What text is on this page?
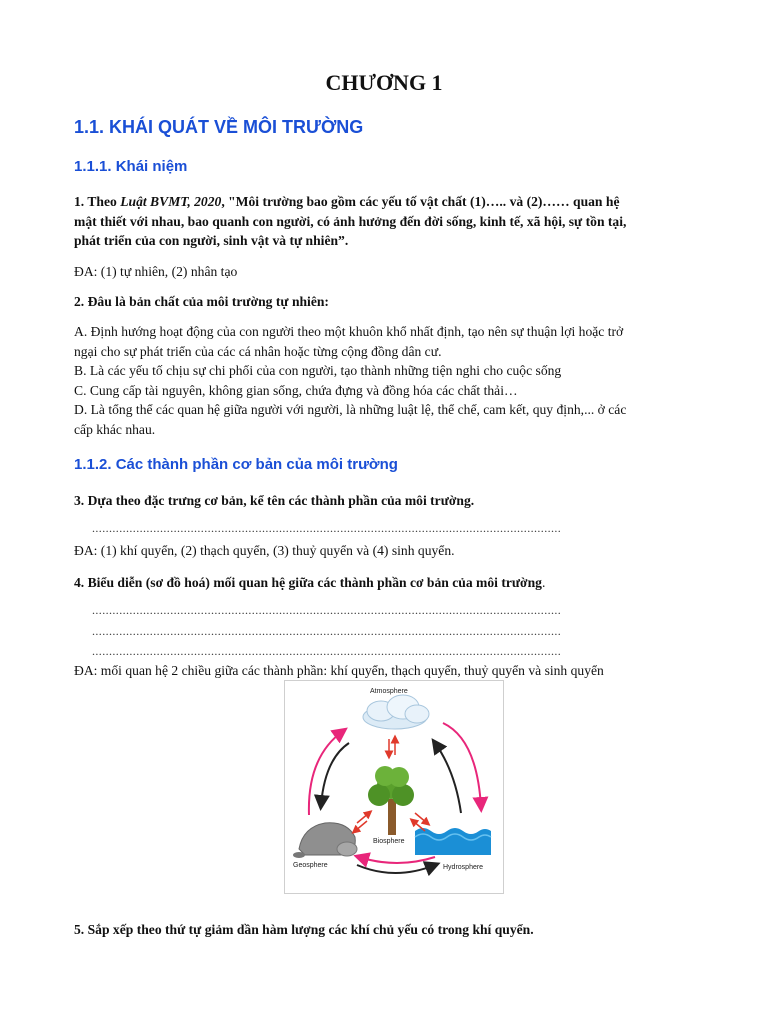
CHƯƠNG 1
1.1. KHÁI QUÁT VỀ MÔI TRƯỜNG
1.1.1. Khái niệm
1. Theo Luật BVMT, 2020, "Môi trường bao gồm các yếu tố vật chất (1)….. và (2)…… quan hệ
mật thiết với nhau, bao quanh con người, có ảnh hưởng đến đời sống, kinh tế, xã hội, sự tồn tại,
phát triển của con người, sinh vật và tự nhiên”.
ĐA: (1) tự nhiên, (2) nhân tạo
2. Đâu là bản chất của môi trường tự nhiên:
A. Định hướng hoạt động của con người theo một khuôn khổ nhất định, tạo nên sự thuận lợi hoặc trở
ngại cho sự phát triển của các cá nhân hoặc từng cộng đồng dân cư.
B. Là các yếu tố chịu sự chi phối của con người, tạo thành những tiện nghi cho cuộc sống
C. Cung cấp tài nguyên, không gian sống, chứa đựng và đồng hóa các chất thải…
D. Là tổng thể các quan hệ giữa người với người, là những luật lệ, thể chế, cam kết, quy định,... ở các
cấp khác nhau.
1.1.2. Các thành phần cơ bản của môi trường
3. Dựa theo đặc trưng cơ bản, kể tên các thành phần của môi trường.
..........................................................................................................................................
ĐA: (1) khí quyển, (2) thạch quyển, (3) thuỷ quyển và (4) sinh quyển.
4. Biểu diễn (sơ đồ hoá) mối quan hệ giữa các thành phần cơ bản của môi trường.
..........................................................................................................................................
..........................................................................................................................................
..........................................................................................................................................
ĐA: mối quan hệ 2 chiều giữa các thành phần: khí quyển, thạch quyển, thuỷ quyển và sinh quyển
Atmosphere
Biosphere
Geosphere	Hydrosphere
5. Sắp xếp theo thứ tự giảm dần hàm lượng các khí chủ yếu có trong khí quyển.
